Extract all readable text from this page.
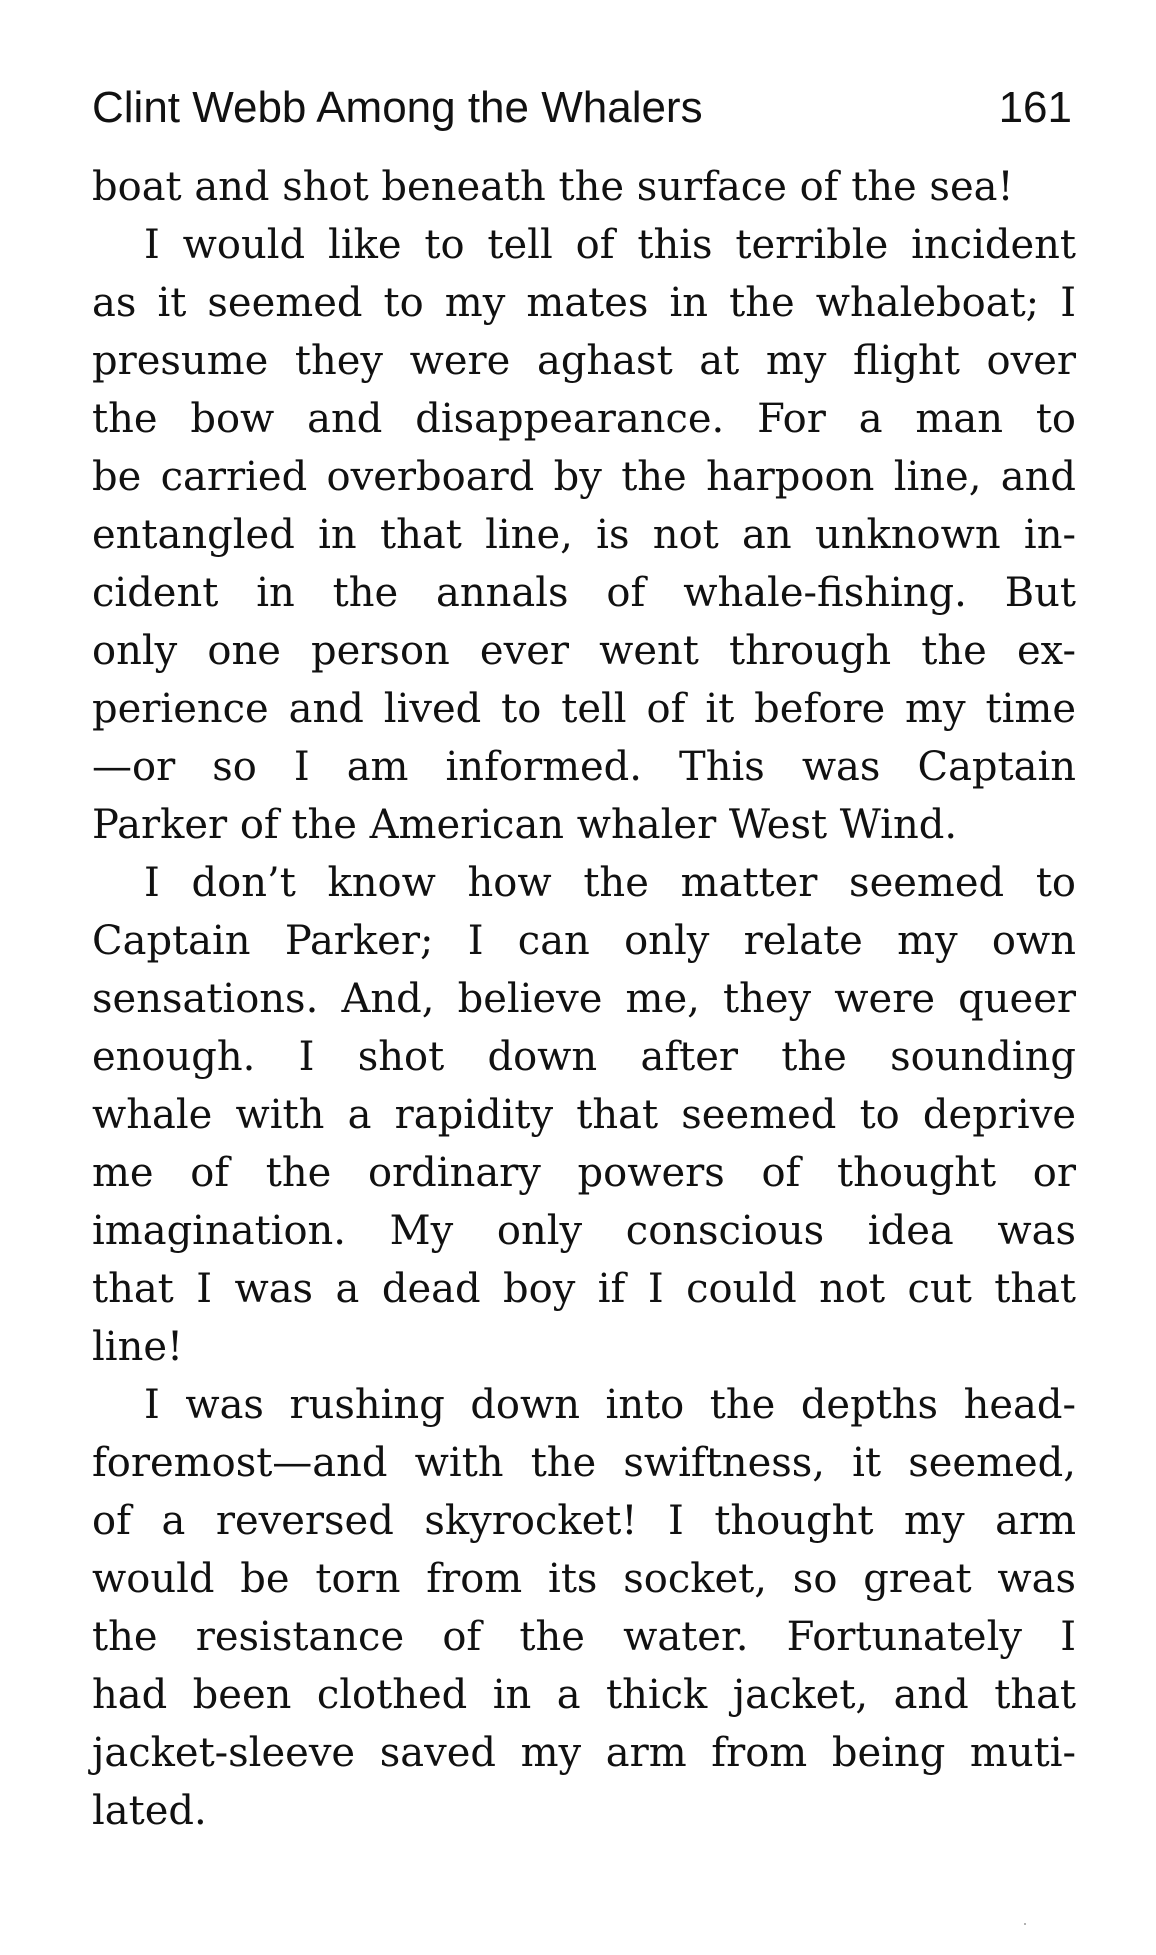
Clint Webb Among the Whalers	161
boat and shot beneath the surface of the sea!
I would like to tell of this terrible incident
as it seemed to my mates in the whaleboat; I
presume they were aghast at my flight over
the bow and disappearance. For a man to
be carried overboard by the harpoon line, and
entangled in that line, is not an unknown in-
cident in the annals of whale-fishing. But
only one person ever went through the ex-
perience and lived to tell of it before my time
—or so I am informed. This was Captain
Parker of the American whaler West Wind.
I don’t know how the matter seemed to
Captain Parker; I can only relate my own
sensations. And, believe me, they were queer
enough. I shot down after the sounding
whale with a rapidity that seemed to deprive
me of the ordinary powers of thought or
imagination. My only conscious idea was
that I was a dead boy if I could not cut that
line!
I was rushing down into the depths head-
foremost—and with the swiftness, it seemed,
of a reversed skyrocket! I thought my arm
would be torn from its socket, so great was
the resistance of the water. Fortunately I
had been clothed in a thick jacket, and that
jacket-sleeve saved my arm from being muti-
lated.
